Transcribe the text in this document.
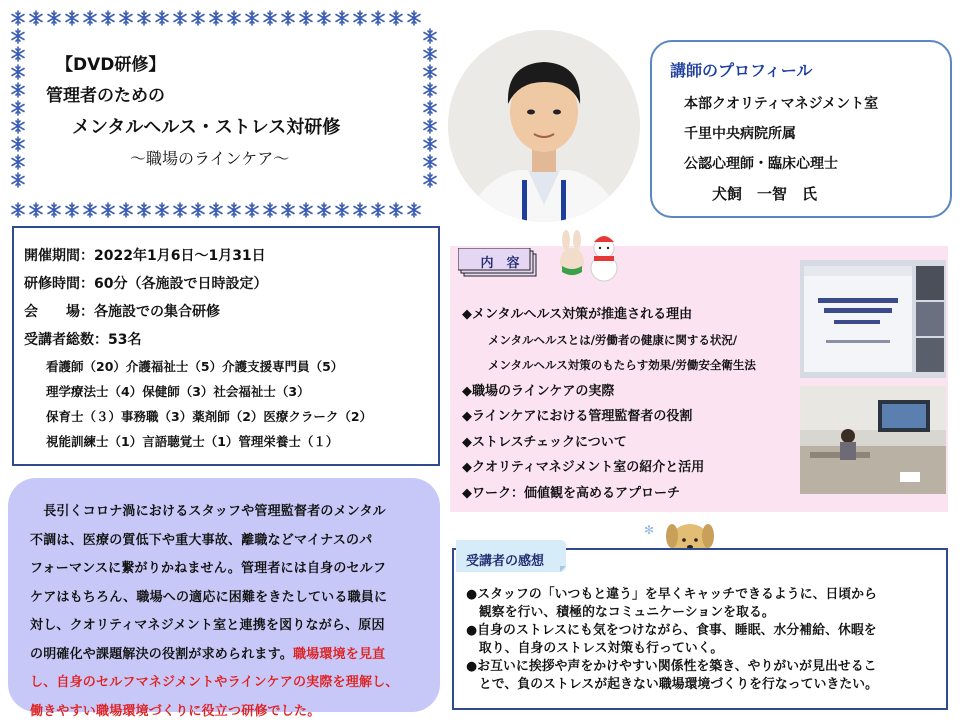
【DVD研修】
管理者のための
メンタルヘルス・ストレス対研修
～職場のラインケア～
講師のプロフィール
本部クオリティマネジメント室
千里中央病院所属
公認心理師・臨床心理士
犬飼　一智　氏
開催期間：2022年1月6日～1月31日
研修時間：60分（各施設で日時設定）
会　　場：各施設での集合研修
受講者総数：53名
看護師（20）介護福祉士（5）介護支援専門員（5）
理学療法士（4）保健師（3）社会福祉士（3）
保育士（３）事務職（3）薬剤師（2）医療クラーク（2）
視能訓練士（1）言語聴覚士（1）管理栄養士（１）
　長引くコロナ渦におけるスタッフや管理監督者のメンタル
不調は、医療の質低下や重大事故、離職などマイナスのパ
フォーマンスに繋がりかねません。管理者には自身のセルフ
ケアはもちろん、職場への適応に困難をきたしている職員に
対し、クオリティマネジメント室と連携を図りながら、原因
の明確化や課題解決の役割が求められます。職場環境を見直
し、自身のセルフマネジメントやラインケアの実際を理解し、
働きやすい職場環境づくりに役立つ研修でした。
内　容
◆メンタルヘルス対策が推進される理由
メンタルヘルスとは/労働者の健康に関する状況/
メンタルヘルス対策のもたらす効果/労働安全衛生法
◆職場のラインケアの実際
◆ラインケアにおける管理監督者の役割
◆ストレスチェックについて
◆クオリティマネジメント室の紹介と活用
◆ワーク：価値観を高めるアプローチ
✻
●スタッフの「いつもと違う」を早くキャッチできるように、日頃から
　観察を行い、積極的なコミュニケーションを取る。
●自身のストレスにも気をつけながら、食事、睡眠、水分補給、休暇を
　取り、自身のストレス対策も行っていく。
●お互いに挨拶や声をかけやすい関係性を築き、やりがいが見出せるこ
　とで、負のストレスが起きない職場環境づくりを行なっていきたい。
受講者の感想
